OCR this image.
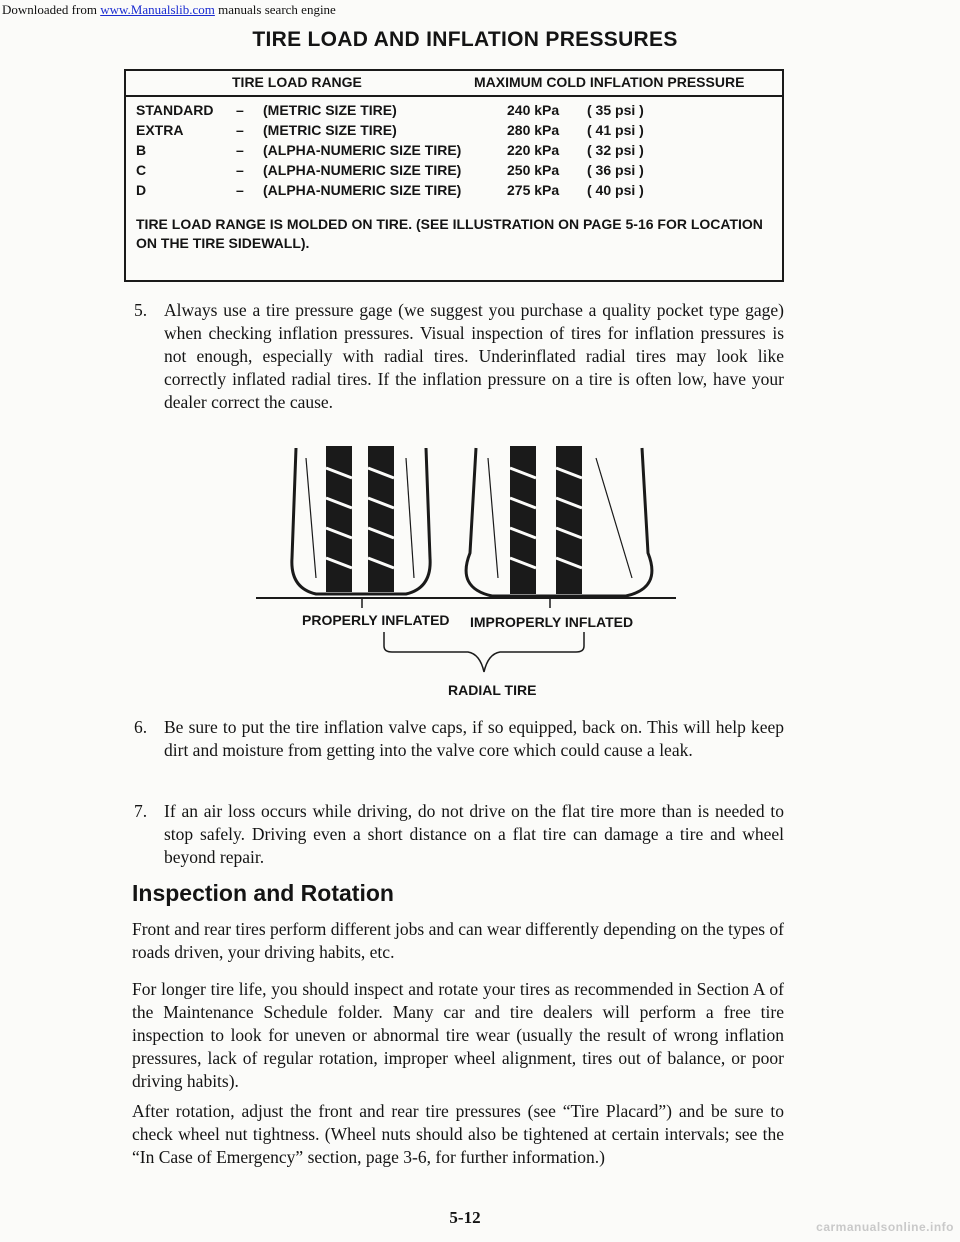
Downloaded from www.Manualslib.com manuals search engine
TIRE LOAD AND INFLATION PRESSURES
TIRE LOAD RANGE	MAXIMUM COLD INFLATION PRESSURE
STANDARD – (METRIC SIZE TIRE)	240 kPa ( 35 psi )
EXTRA	– (METRIC SIZE TIRE)	280 kPa ( 41 psi )
B	– (ALPHA-NUMERIC SIZE TIRE)	220 kPa ( 32 psi )
C	– (ALPHA-NUMERIC SIZE TIRE)	250 kPa ( 36 psi )
D	– (ALPHA-NUMERIC SIZE TIRE)	275 kPa ( 40 psi )
TIRE LOAD RANGE IS MOLDED ON TIRE. (SEE ILLUSTRATION ON PAGE 5-16 FOR LOCATION ON THE TIRE SIDEWALL).
5. Always use a tire pressure gage (we suggest you purchase a quality pocket type gage) when checking inflation pressures. Visual inspection of tires for inflation pressures is not enough, especially with radial tires. Underinflated radial tires may look like correctly inflated radial tires. If the inflation pressure on a tire is often low, have your dealer correct the cause.
PROPERLY INFLATED IMPROPERLY INFLATED
RADIAL TIRE
6. Be sure to put the tire inflation valve caps, if so equipped, back on. This will help keep dirt and moisture from getting into the valve core which could cause a leak.
7. If an air loss occurs while driving, do not drive on the flat tire more than is needed to stop safely. Driving even a short distance on a flat tire can damage a tire and wheel beyond repair.
Inspection and Rotation
Front and rear tires perform different jobs and can wear differently depending on the types of roads driven, your driving habits, etc.
For longer tire life, you should inspect and rotate your tires as recommended in Section A of the Maintenance Schedule folder. Many car and tire dealers will perform a free tire inspection to look for uneven or abnormal tire wear (usually the result of wrong inflation pressures, lack of regular rotation, improper wheel alignment, tires out of balance, or poor driving habits).
After rotation, adjust the front and rear tire pressures (see “Tire Placard”) and be sure to check wheel nut tightness. (Wheel nuts should also be tightened at certain intervals; see the “In Case of Emergency” section, page 3-6, for further information.)
5-12	carmanualsonline.info
